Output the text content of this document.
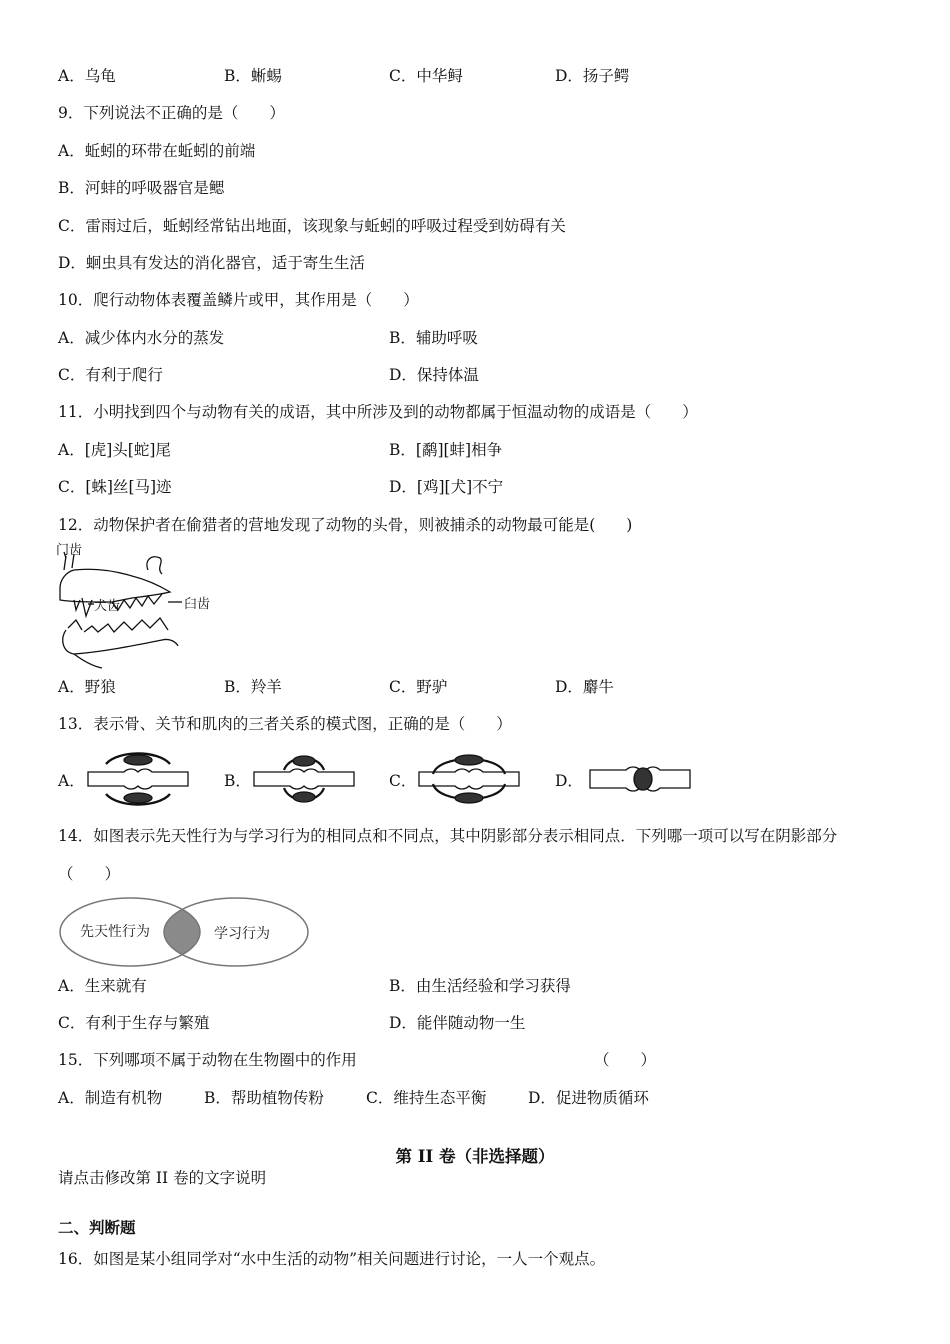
A．乌龟	B．蜥蜴	C．中华鲟	D．扬子鳄
9．下列说法不正确的是（　　）
A．蚯蚓的环带在蚯蚓的前端
B．河蚌的呼吸器官是鳃
C．雷雨过后，蚯蚓经常钻出地面，该现象与蚯蚓的呼吸过程受到妨碍有关
D．蛔虫具有发达的消化器官，适于寄生生活
10．爬行动物体表覆盖鳞片或甲，其作用是（　　）
A．减少体内水分的蒸发	B．辅助呼吸
C．有利于爬行	D．保持体温
11．小明找到四个与动物有关的成语，其中所涉及到的动物都属于恒温动物的成语是（　　）
A．[虎]头[蛇]尾	B．[鹬][蚌]相争
C．[蛛]丝[马]迹	D．[鸡][犬]不宁
12．动物保护者在偷猎者的营地发现了动物的头骨，则被捕杀的动物最可能是(　　)
门齿
犬齿	臼齿
A．野狼	B．羚羊	C．野驴	D．麝牛
13．表示骨、关节和肌肉的三者关系的模式图，正确的是（　　）
A．	B．	C．	D．
14．如图表示先天性行为与学习行为的相同点和不同点，其中阴影部分表示相同点．下列哪一项可以写在阴影部分
（　　）
先天性行为	学习行为
A．生来就有	B．由生活经验和学习获得
C．有利于生存与繁殖	D．能伴随动物一生
15．下列哪项不属于动物在生物圈中的作用	（　　）
A．制造有机物	B．帮助植物传粉	C．维持生态平衡	D．促进物质循环
第 II 卷（非选择题）
请点击修改第 II 卷的文字说明
二、判断题
16．如图是某小组同学对“水中生活的动物”相关问题进行讨论，一人一个观点。
